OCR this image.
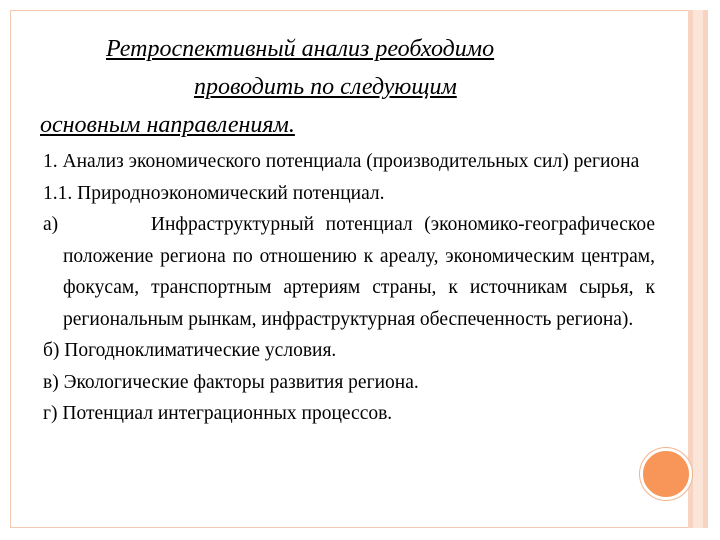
Ретроспективный анализ реобходимо
проводить по следующим
основным направлениям.

1. Анализ экономического потенциала (производительных сил) региона

1.1. Природноэкономический потенциал.

а)        Инфраструктурный потенциал (экономико-географическое положение региона по отношению к ареалу, экономическим центрам, фокусам, транспортным артериям страны, к источникам сырья, к региональным рынкам, инфраструктурная обеспеченность региона).

б) Погодноклиматические условия.

в) Экологические факторы развития региона.

г) Потенциал интеграционных процессов.
